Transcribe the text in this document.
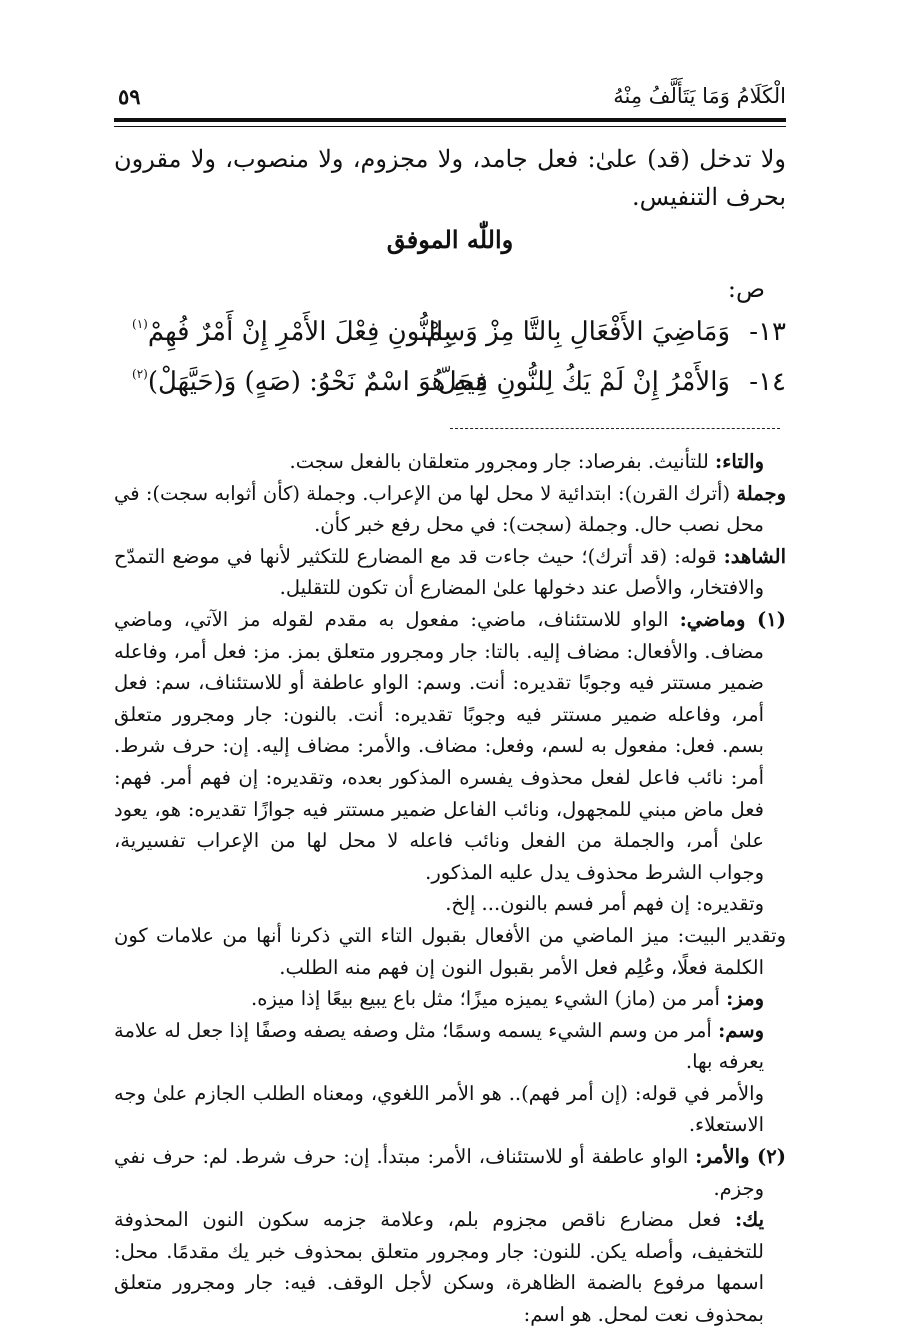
الْكَلَامُ وَمَا يَتَأَلَّفُ مِنْهُ
٥٩
ولا تدخل (قد) علىٰ: فعل جامد، ولا مجزوم، ولا منصوب، ولا مقرون بحرف التنفيس.
واللّٰه الموفق
ص:
١٣-
وَمَاضِيَ الأَفْعَالِ بِالتَّا مِزْ وَسِمْ
بِالنُّونِ فِعْلَ الأَمْرِ إِنْ أَمْرٌ فُهِمْ$^{(١)}$
١٤-
وَالأَمْرُ إِنْ لَمْ يَكُ لِلنُّونِ مَحَلّ
فِيهِ هُوَ اسْمٌ نَحْوُ: (صَهٍ) وَ(حَيَّهَلْ)$^{(٢)}$

والتاء: للتأنيث. بفرصاد: جار ومجرور متعلقان بالفعل سجت.

وجملة (أترك القرن): ابتدائية لا محل لها من الإعراب. وجملة (كأن أثوابه سجت): في محل نصب حال. وجملة (سجت): في محل رفع خبر كأن.

الشاهد: قوله: (قد أترك)؛ حيث جاءت قد مع المضارع للتكثير لأنها في موضع التمدّح والافتخار، والأصل عند دخولها علىٰ المضارع أن تكون للتقليل.

(١) وماضي: الواو للاستئناف، ماضي: مفعول به مقدم لقوله مز الآتي، وماضي مضاف. والأفعال: مضاف إليه. بالتا: جار ومجرور متعلق بمز. مز: فعل أمر، وفاعله ضمير مستتر فيه وجوبًا تقديره: أنت. وسم: الواو عاطفة أو للاستئناف، سم: فعل أمر، وفاعله ضمير مستتر فيه وجوبًا تقديره: أنت. بالنون: جار ومجرور متعلق بسم. فعل: مفعول به لسم، وفعل: مضاف. والأمر: مضاف إليه. إن: حرف شرط. أمر: نائب فاعل لفعل محذوف يفسره المذكور بعده، وتقديره: إن فهم أمر. فهم: فعل ماض مبني للمجهول، ونائب الفاعل ضمير مستتر فيه جوازًا تقديره: هو، يعود علىٰ أمر، والجملة من الفعل ونائب فاعله لا محل لها من الإعراب تفسيرية، وجواب الشرط محذوف يدل عليه المذكور.

وتقديره: إن فهم أمر فسم بالنون... إلخ.

وتقدير البيت: ميز الماضي من الأفعال بقبول التاء التي ذكرنا أنها من علامات كون الكلمة فعلًا، وعُلِم فعل الأمر بقبول النون إن فهم منه الطلب.

ومز: أمر من (ماز) الشيء يميزه ميزًا؛ مثل باع يبيع بيعًا إذا ميزه.

وسم: أمر من وسم الشيء يسمه وسمًا؛ مثل وصفه يصفه وصفًا إذا جعل له علامة يعرفه بها.

والأمر في قوله: (إن أمر فهم).. هو الأمر اللغوي، ومعناه الطلب الجازم علىٰ وجه الاستعلاء.

(٢) والأمر: الواو عاطفة أو للاستئناف، الأمر: مبتدأ. إن: حرف شرط. لم: حرف نفي وجزم.

يك: فعل مضارع ناقص مجزوم بلم، وعلامة جزمه سكون النون المحذوفة للتخفيف، وأصله يكن. للنون: جار ومجرور متعلق بمحذوف خبر يك مقدمًا. محل: اسمها مرفوع بالضمة الظاهرة، وسكن لأجل الوقف. فيه: جار ومجرور متعلق بمحذوف نعت لمحل. هو اسم:
